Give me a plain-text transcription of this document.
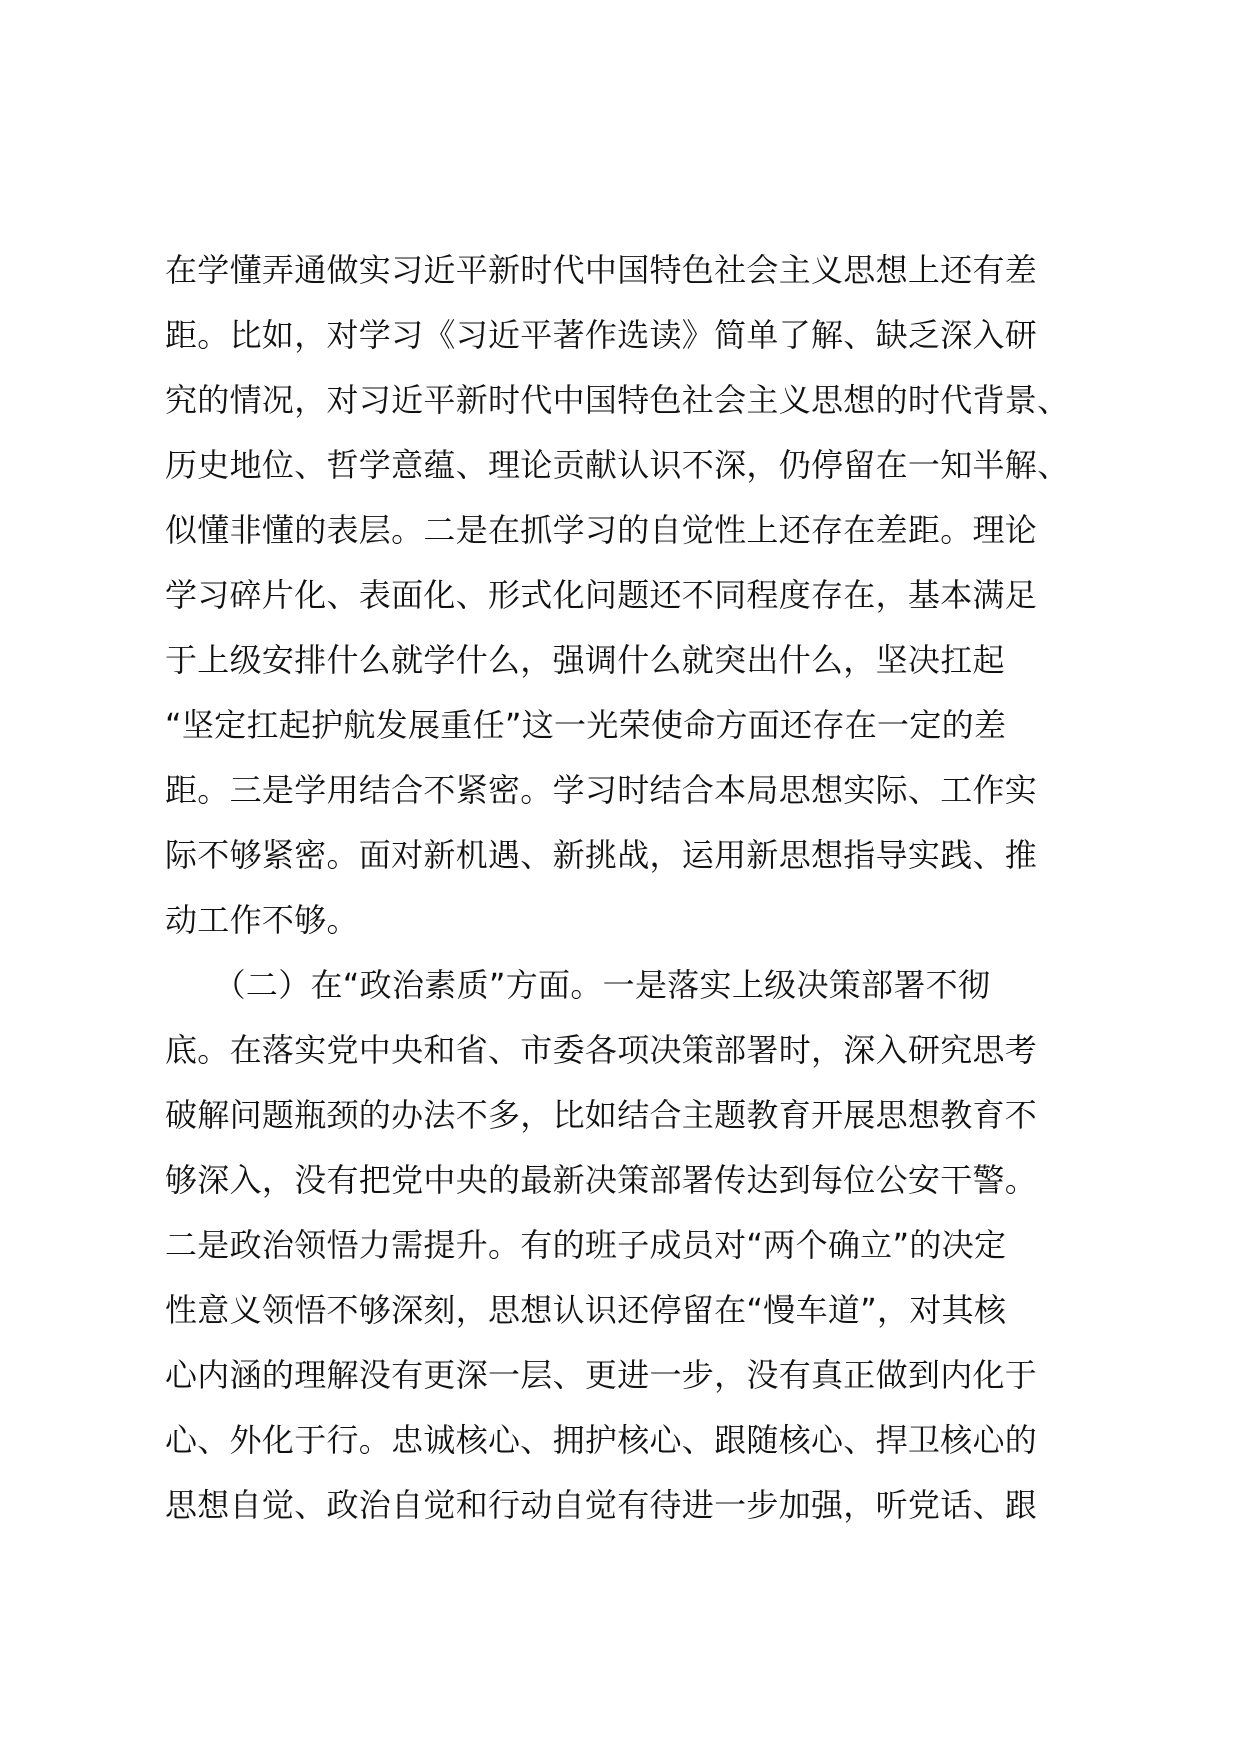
在学懂弄通做实习近平新时代中国特色社会主义思想上还有差
距。比如，对学习《习近平著作选读》简单了解、缺乏深入研
究的情况，对习近平新时代中国特色社会主义思想的时代背景、
历史地位、哲学意蕴、理论贡献认识不深，仍停留在一知半解、
似懂非懂的表层。二是在抓学习的自觉性上还存在差距。理论
学习碎片化、表面化、形式化问题还不同程度存在，基本满足
于上级安排什么就学什么，强调什么就突出什么，坚决扛起
“坚定扛起护航发展重任”这一光荣使命方面还存在一定的差
距。三是学用结合不紧密。学习时结合本局思想实际、工作实
际不够紧密。面对新机遇、新挑战，运用新思想指导实践、推
动工作不够。
　　（二）在“政治素质”方面。一是落实上级决策部署不彻
底。在落实党中央和省、市委各项决策部署时，深入研究思考
破解问题瓶颈的办法不多，比如结合主题教育开展思想教育不
够深入，没有把党中央的最新决策部署传达到每位公安干警。
二是政治领悟力需提升。有的班子成员对“两个确立”的决定
性意义领悟不够深刻，思想认识还停留在“慢车道”，对其核
心内涵的理解没有更深一层、更进一步，没有真正做到内化于
心、外化于行。忠诚核心、拥护核心、跟随核心、捍卫核心的
思想自觉、政治自觉和行动自觉有待进一步加强，听党话、跟
